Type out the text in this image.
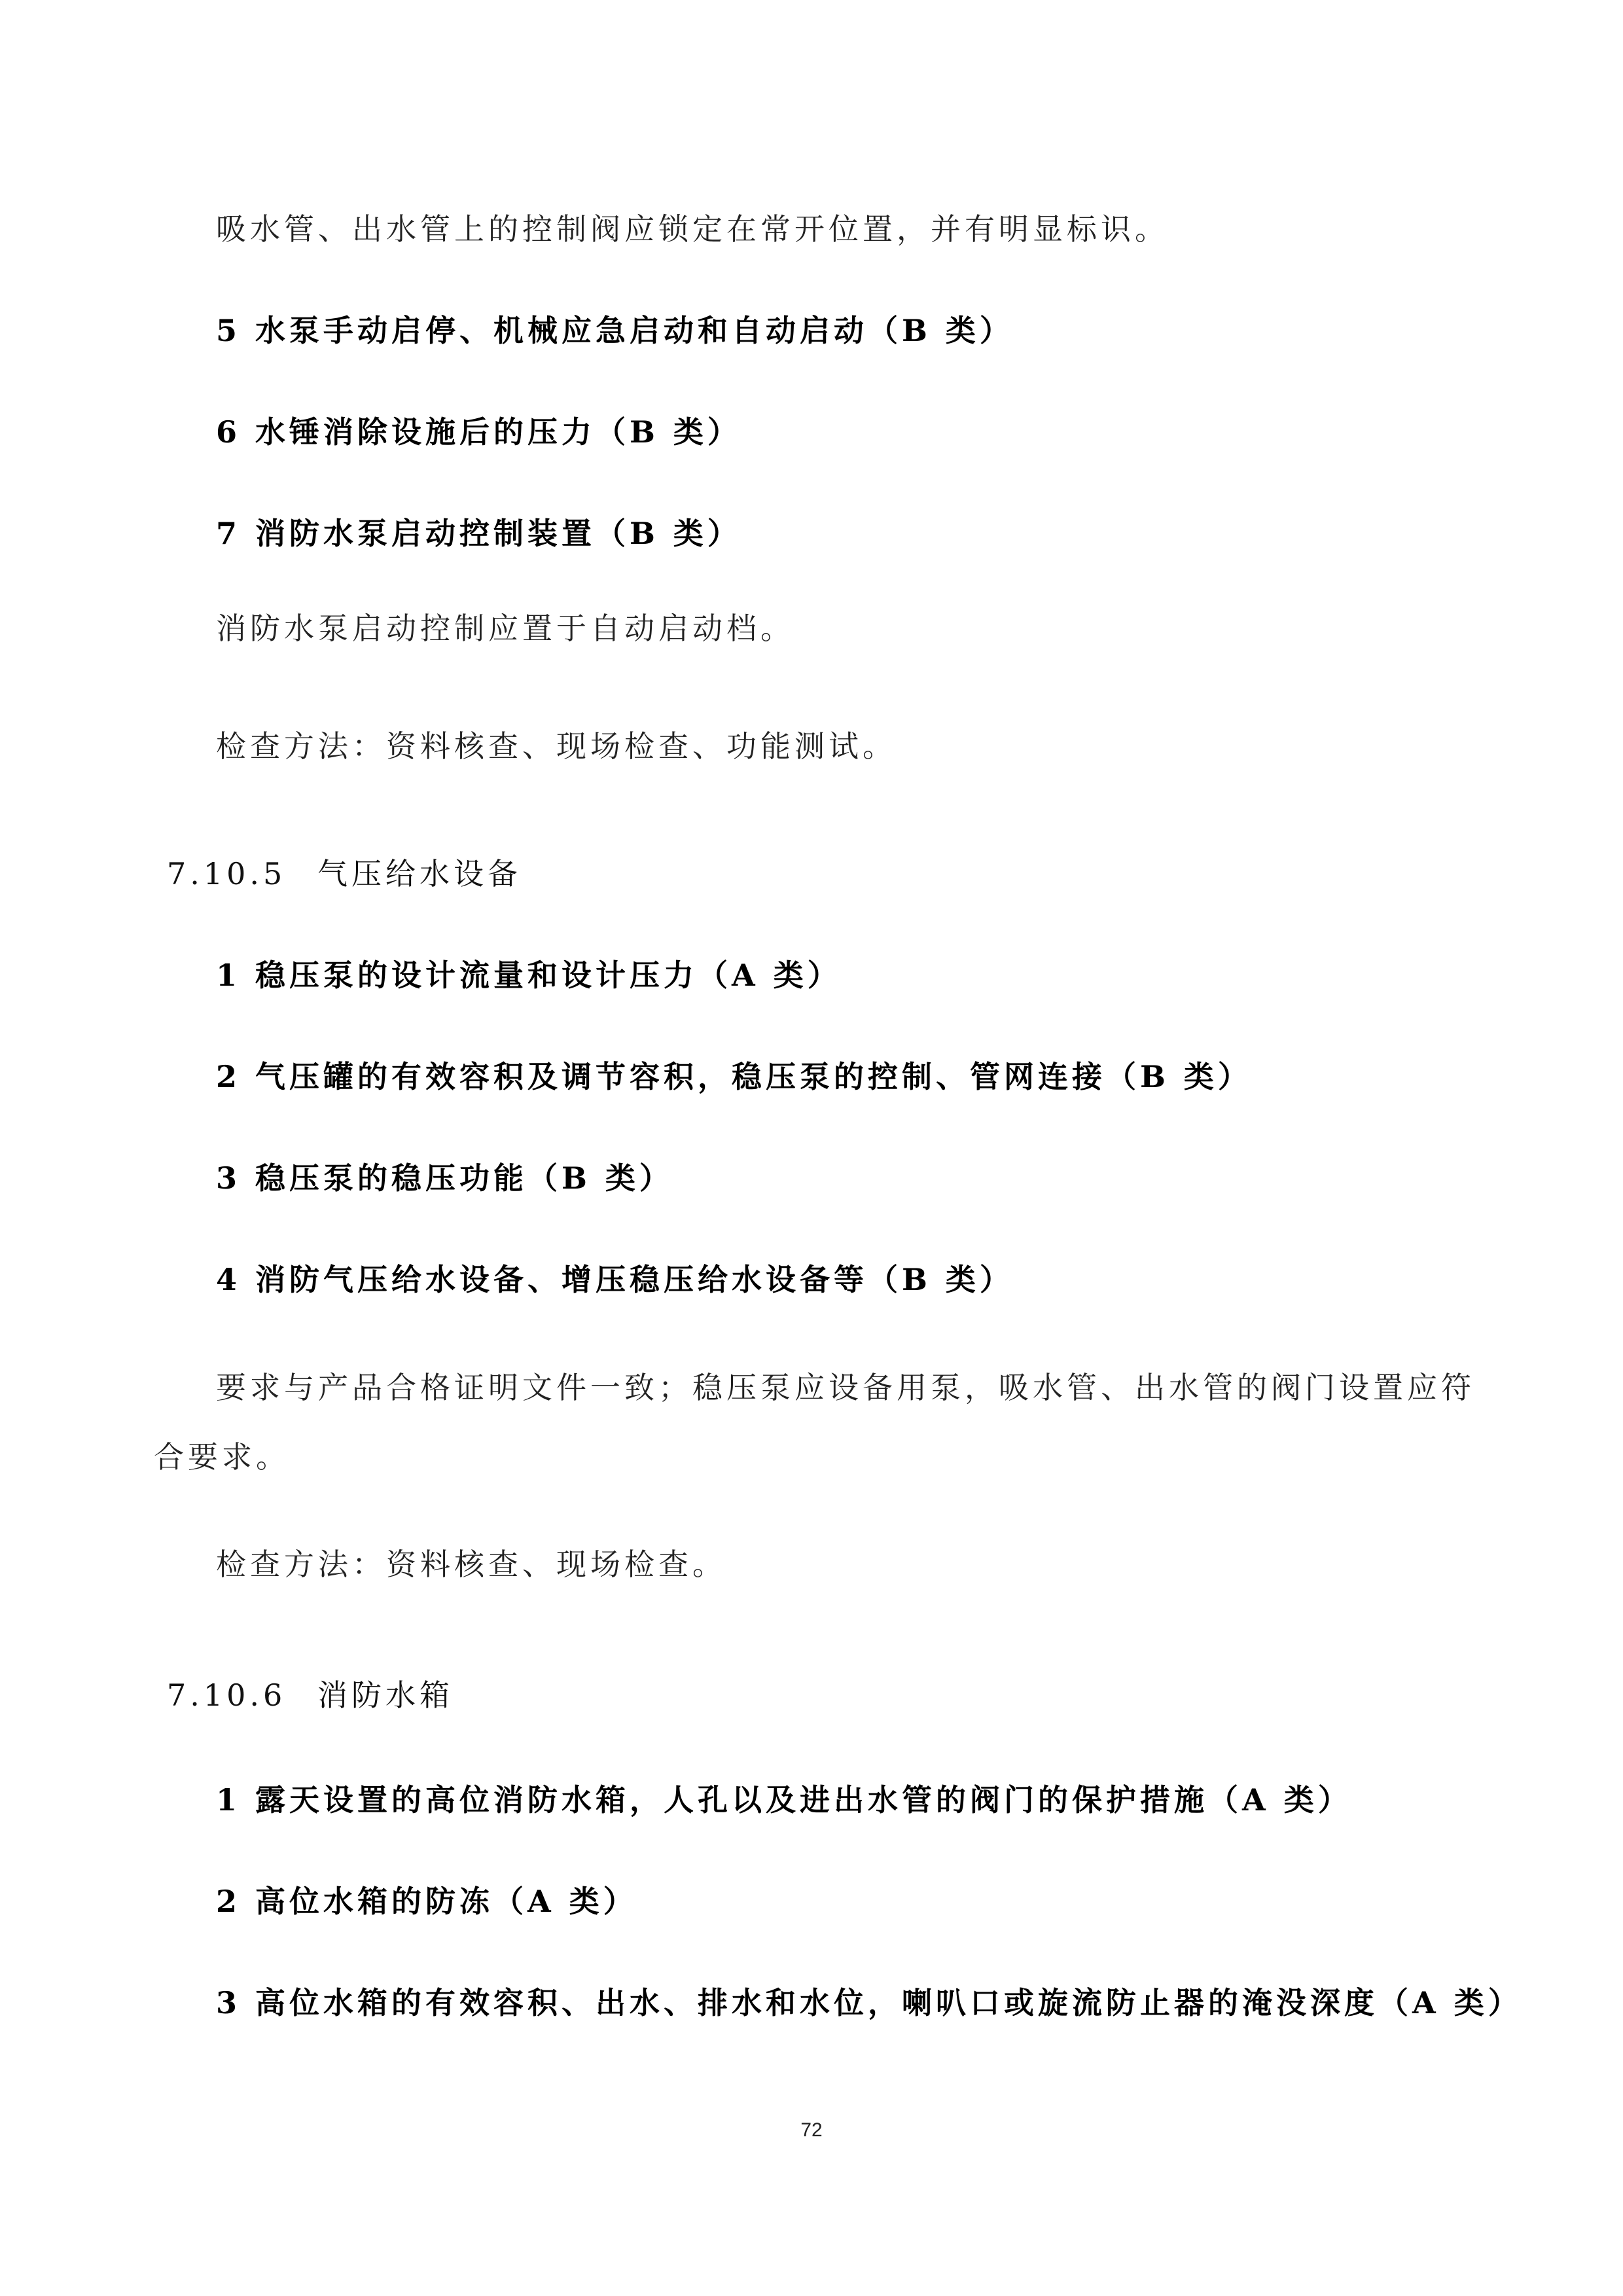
吸水管、出水管上的控制阀应锁定在常开位置，并有明显标识。
5 水泵手动启停、机械应急启动和自动启动（B 类）
6 水锤消除设施后的压力（B 类）
7 消防水泵启动控制装置（B 类）
消防水泵启动控制应置于自动启动档。
检查方法：资料核查、现场检查、功能测试。
7.10.5 气压给水设备
1 稳压泵的设计流量和设计压力（A 类）
2 气压罐的有效容积及调节容积，稳压泵的控制、管网连接（B 类）
3 稳压泵的稳压功能（B 类）
4 消防气压给水设备、增压稳压给水设备等（B 类）
要求与产品合格证明文件一致；稳压泵应设备用泵，吸水管、出水管的阀门设置应符合要求。
检查方法：资料核查、现场检查。
7.10.6 消防水箱
1 露天设置的高位消防水箱，人孔以及进出水管的阀门的保护措施（A 类）
2 高位水箱的防冻（A 类）
3 高位水箱的有效容积、出水、排水和水位，喇叭口或旋流防止器的淹没深度（A 类）
72
